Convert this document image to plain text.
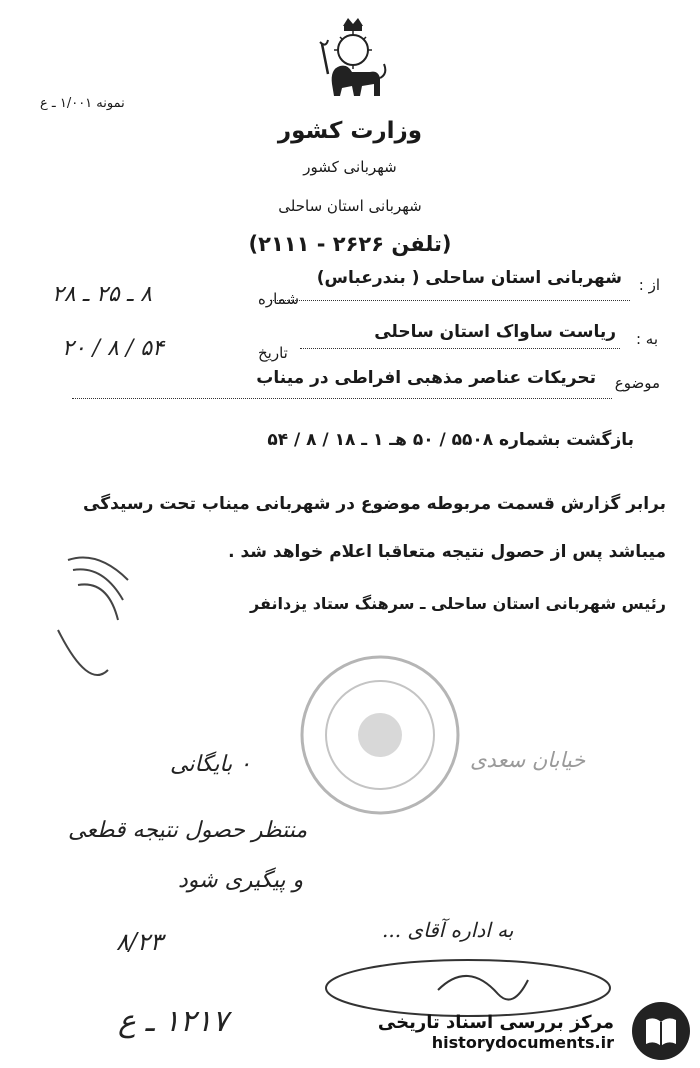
نمونه ۱/۰۰۱ ـ ع
وزارت کشور
شهربانی کشور
شهربانی استان ساحلی
(تلفن ۲۶۲۶ - ۲۱۱۱)
از :
شهربانی استان ساحلی ( بندرعباس)
شماره
۸ ـ ۲۵ ـ ۲۸
به :
ریاست ساواک استان ساحلی
تاریخ
۲۰ / ۸ / ۵۴
موضوع
تحریکات عناصر مذهبی افراطی در میناب
بازگشت بشماره ۵۵۰۸ / ۵۰ هـ ۱ ـ ۱۸ / ۸ / ۵۴
برابر گزارش قسمت مربوطه موضوع در شهربانی میناب تحت رسیدگی
میباشد پس از حصول نتیجه متعاقبا اعلام خواهد شد .
رئیس شهربانی استان ساحلی ـ سرهنگ ستاد یزدانفر
خیابان سعدی
۰ بایگانی
منتظر حصول نتیجه قطعی
و پیگیری شود
۸/۲۳	به اداره آقای ...
۱۲۱۷ ـ ع	مرکز بررسی اسناد تاریخی
historydocuments.ir
